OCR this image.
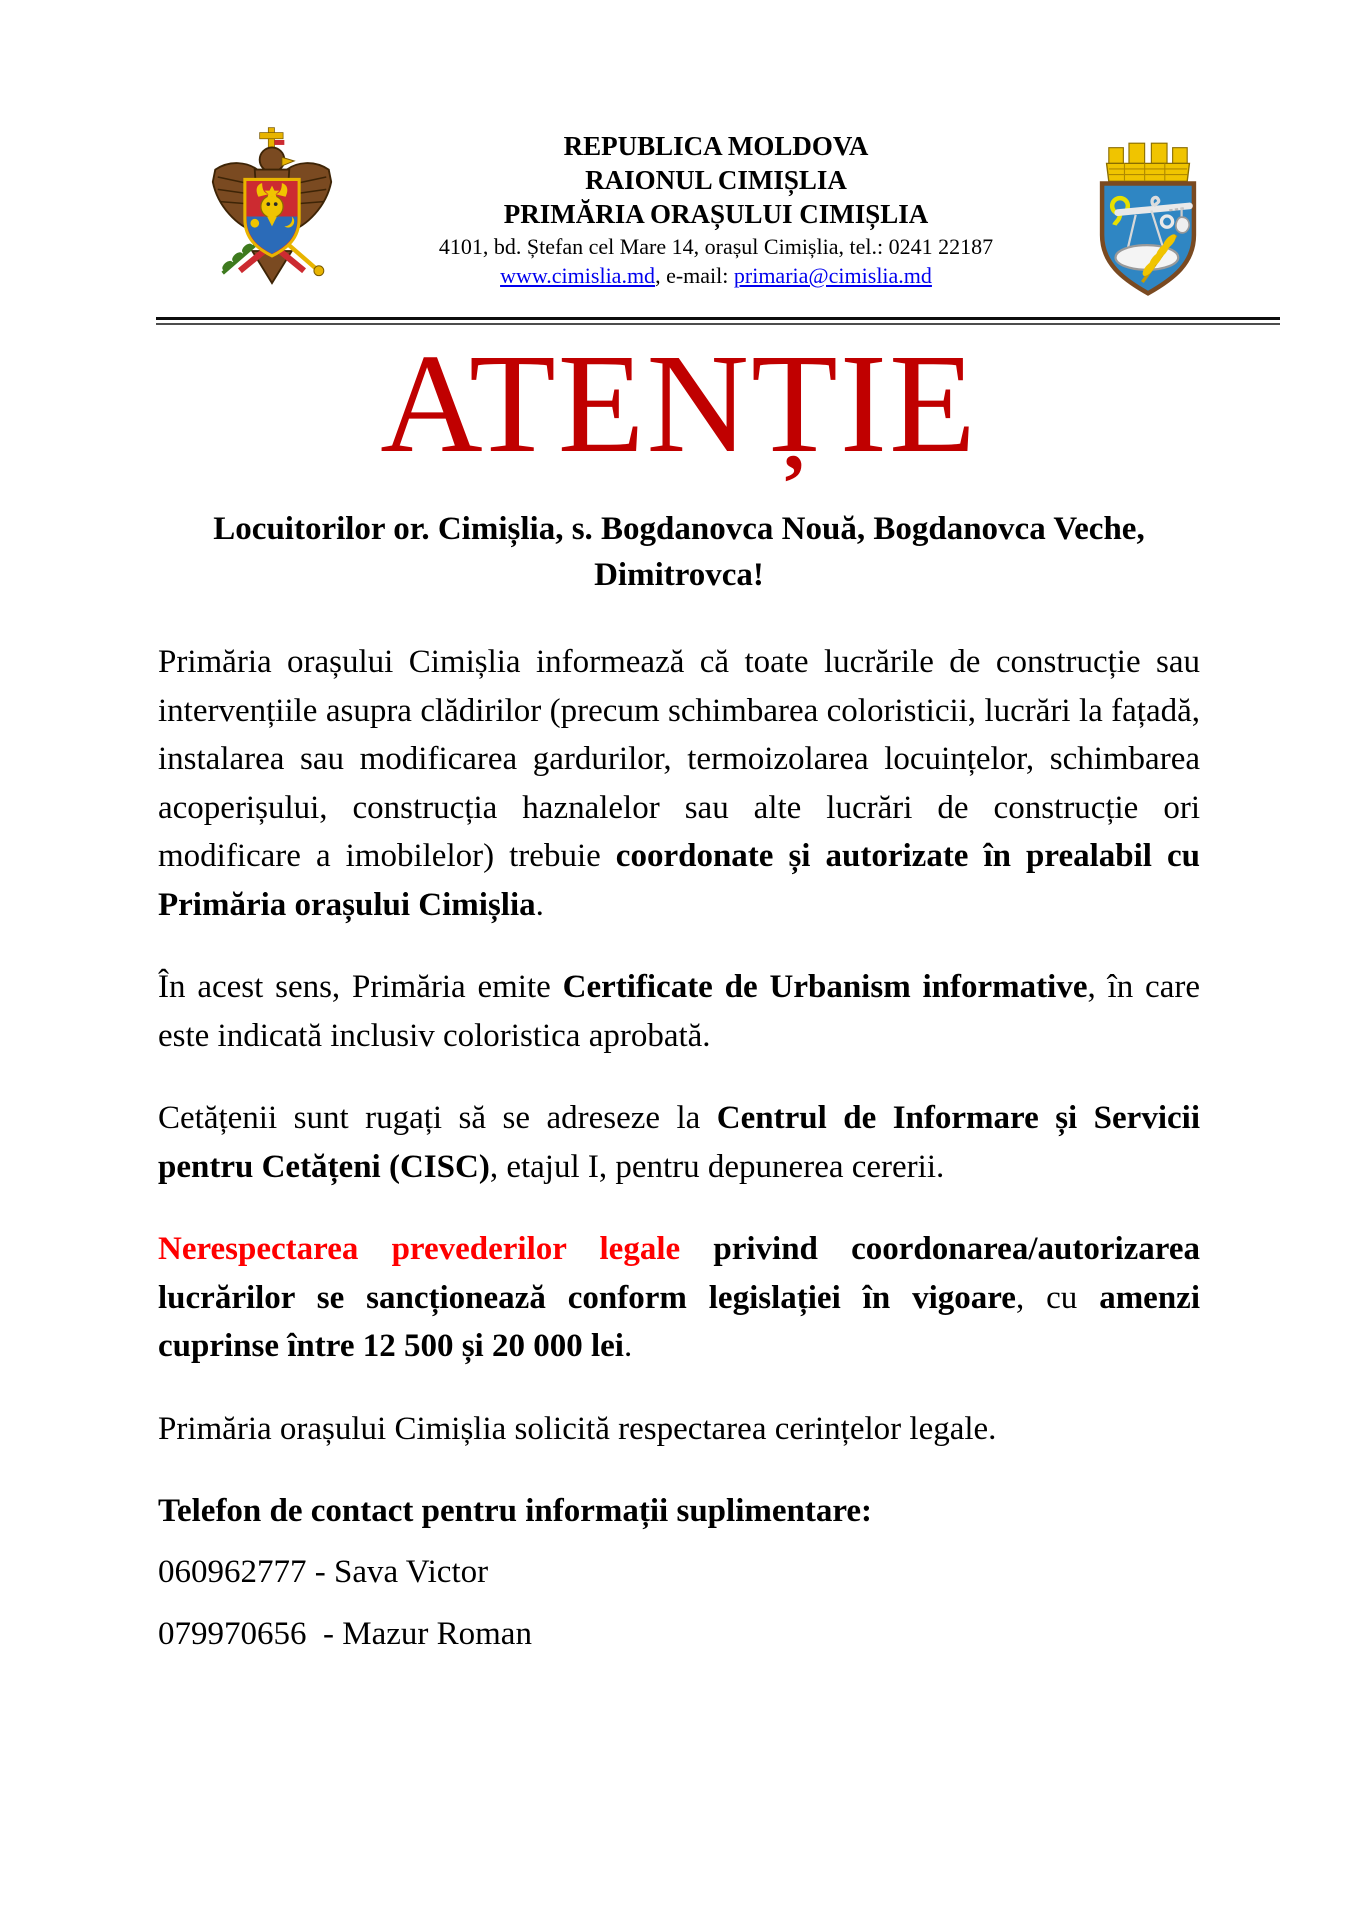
REPUBLICA MOLDOVA
RAIONUL CIMIȘLIA
PRIMĂRIA ORAȘULUI CIMIȘLIA
4101, bd. Ștefan cel Mare 14, orașul Cimișlia, tel.: 0241 22187
www.cimislia.md, e-mail: primaria@cimislia.md
ATENȚIE
Locuitorilor or. Cimișlia, s. Bogdanovca Nouă, Bogdanovca Veche, Dimitrovca!

Primăria orașului Cimișlia informează că toate lucrările de construcție sau intervențiile asupra clădirilor (precum schimbarea coloristicii, lucrări la fațadă, instalarea sau modificarea gardurilor, termoizolarea locuințelor, schimbarea acoperișului, construcția haznalelor sau alte lucrări de construcție ori modificare a imobilelor) trebuie coordonate și autorizate în prealabil cu Primăria orașului Cimișlia.

În acest sens, Primăria emite Certificate de Urbanism informative, în care este indicată inclusiv coloristica aprobată.

Cetățenii sunt rugați să se adreseze la Centrul de Informare și Servicii pentru Cetățeni (CISC), etajul I, pentru depunerea cererii.

Nerespectarea prevederilor legale privind coordonarea/autorizarea lucrărilor se sancționează conform legislației în vigoare, cu amenzi cuprinse între 12 500 și 20 000 lei.

Primăria orașului Cimișlia solicită respectarea cerințelor legale.

Telefon de contact pentru informații suplimentare:
060962777 - Sava Victor
079970656  - Mazur Roman
